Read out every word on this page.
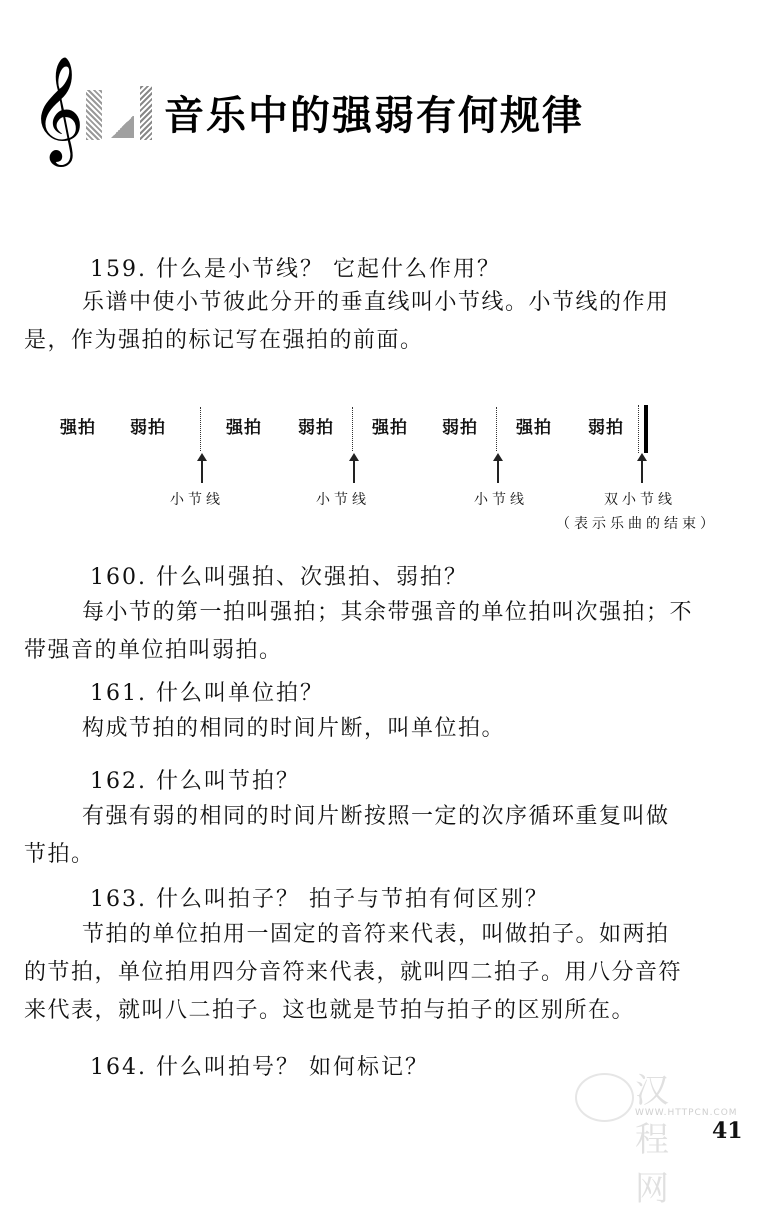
𝄞 音乐中的强弱有何规律
159. 什么是小节线？ 它起什么作用？
乐谱中使小节彼此分开的垂直线叫小节线。小节线的作用
是，作为强拍的标记写在强拍的前面。
强拍 弱拍	强拍 弱拍 强拍 弱拍 强拍 弱拍
小节线	小节线	小节线	双小节线
（表示乐曲的结束）
160. 什么叫强拍、次强拍、弱拍？
每小节的第一拍叫强拍；其余带强音的单位拍叫次强拍；不
带强音的单位拍叫弱拍。
161. 什么叫单位拍？
构成节拍的相同的时间片断，叫单位拍。
162. 什么叫节拍？
有强有弱的相同的时间片断按照一定的次序循环重复叫做
节拍。
163. 什么叫拍子？ 拍子与节拍有何区别？
节拍的单位拍用一固定的音符来代表，叫做拍子。如两拍
的节拍，单位拍用四分音符来代表，就叫四二拍子。用八分音符
来代表，就叫八二拍子。这也就是节拍与拍子的区别所在。
164. 什么叫拍号？ 如何标记？
汉程网
WWW.HTTPCN.COM
41
